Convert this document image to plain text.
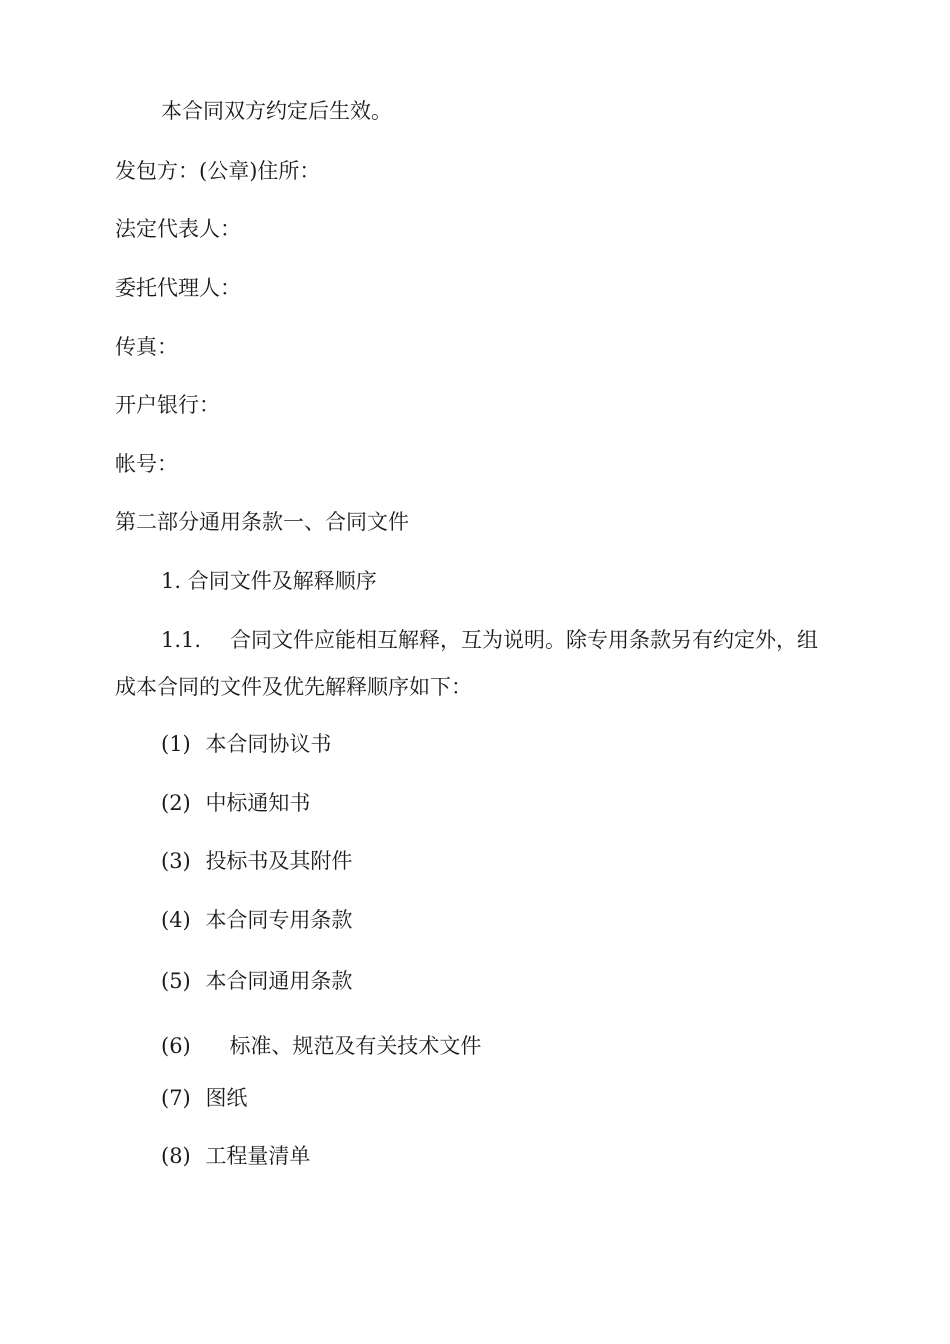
本合同双方约定后生效。
发包方：(公章)住所：
法定代表人：
委托代理人：
传真：
开户银行：
帐号：
第二部分通用条款一、合同文件
1. 合同文件及解释顺序
1.1. 合同文件应能相互解释，互为说明。除专用条款另有约定外，组
成本合同的文件及优先解释顺序如下：
(1) 本合同协议书
(2) 中标通知书
(3) 投标书及其附件
(4) 本合同专用条款
(5) 本合同通用条款
(6) 标准、规范及有关技术文件
(7) 图纸
(8) 工程量清单
